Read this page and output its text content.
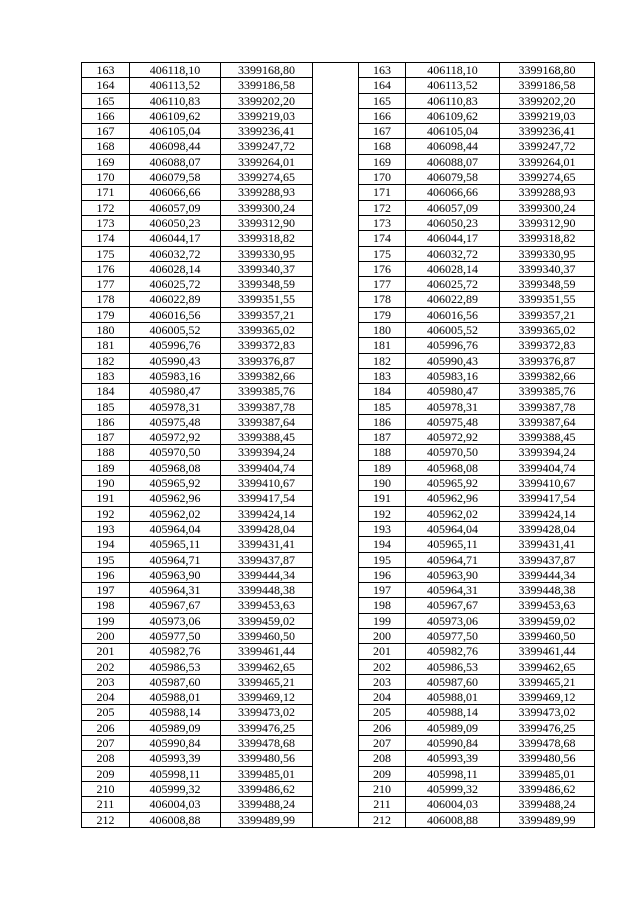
163	406118,10	3399168,80
164	406113,52	3399186,58
165	406110,83	3399202,20
166	406109,62	3399219,03
167	406105,04	3399236,41
168	406098,44	3399247,72
169	406088,07	3399264,01
170	406079,58	3399274,65
171	406066,66	3399288,93
172	406057,09	3399300,24
173	406050,23	3399312,90
174	406044,17	3399318,82
175	406032,72	3399330,95
176	406028,14	3399340,37
177	406025,72	3399348,59
178	406022,89	3399351,55
179	406016,56	3399357,21
180	406005,52	3399365,02
181	405996,76	3399372,83
182	405990,43	3399376,87
183	405983,16	3399382,66
184	405980,47	3399385,76
185	405978,31	3399387,78
186	405975,48	3399387,64
187	405972,92	3399388,45
188	405970,50	3399394,24
189	405968,08	3399404,74
190	405965,92	3399410,67
191	405962,96	3399417,54
192	405962,02	3399424,14
193	405964,04	3399428,04
194	405965,11	3399431,41
195	405964,71	3399437,87
196	405963,90	3399444,34
197	405964,31	3399448,38
198	405967,67	3399453,63
199	405973,06	3399459,02
200	405977,50	3399460,50
201	405982,76	3399461,44
202	405986,53	3399462,65
203	405987,60	3399465,21
204	405988,01	3399469,12
205	405988,14	3399473,02
206	405989,09	3399476,25
207	405990,84	3399478,68
208	405993,39	3399480,56
209	405998,11	3399485,01
210	405999,32	3399486,62
211	406004,03	3399488,24
212	406008,88	3399489,99
163	406118,10	3399168,80
164	406113,52	3399186,58
165	406110,83	3399202,20
166	406109,62	3399219,03
167	406105,04	3399236,41
168	406098,44	3399247,72
169	406088,07	3399264,01
170	406079,58	3399274,65
171	406066,66	3399288,93
172	406057,09	3399300,24
173	406050,23	3399312,90
174	406044,17	3399318,82
175	406032,72	3399330,95
176	406028,14	3399340,37
177	406025,72	3399348,59
178	406022,89	3399351,55
179	406016,56	3399357,21
180	406005,52	3399365,02
181	405996,76	3399372,83
182	405990,43	3399376,87
183	405983,16	3399382,66
184	405980,47	3399385,76
185	405978,31	3399387,78
186	405975,48	3399387,64
187	405972,92	3399388,45
188	405970,50	3399394,24
189	405968,08	3399404,74
190	405965,92	3399410,67
191	405962,96	3399417,54
192	405962,02	3399424,14
193	405964,04	3399428,04
194	405965,11	3399431,41
195	405964,71	3399437,87
196	405963,90	3399444,34
197	405964,31	3399448,38
198	405967,67	3399453,63
199	405973,06	3399459,02
200	405977,50	3399460,50
201	405982,76	3399461,44
202	405986,53	3399462,65
203	405987,60	3399465,21
204	405988,01	3399469,12
205	405988,14	3399473,02
206	405989,09	3399476,25
207	405990,84	3399478,68
208	405993,39	3399480,56
209	405998,11	3399485,01
210	405999,32	3399486,62
211	406004,03	3399488,24
212	406008,88	3399489,99
